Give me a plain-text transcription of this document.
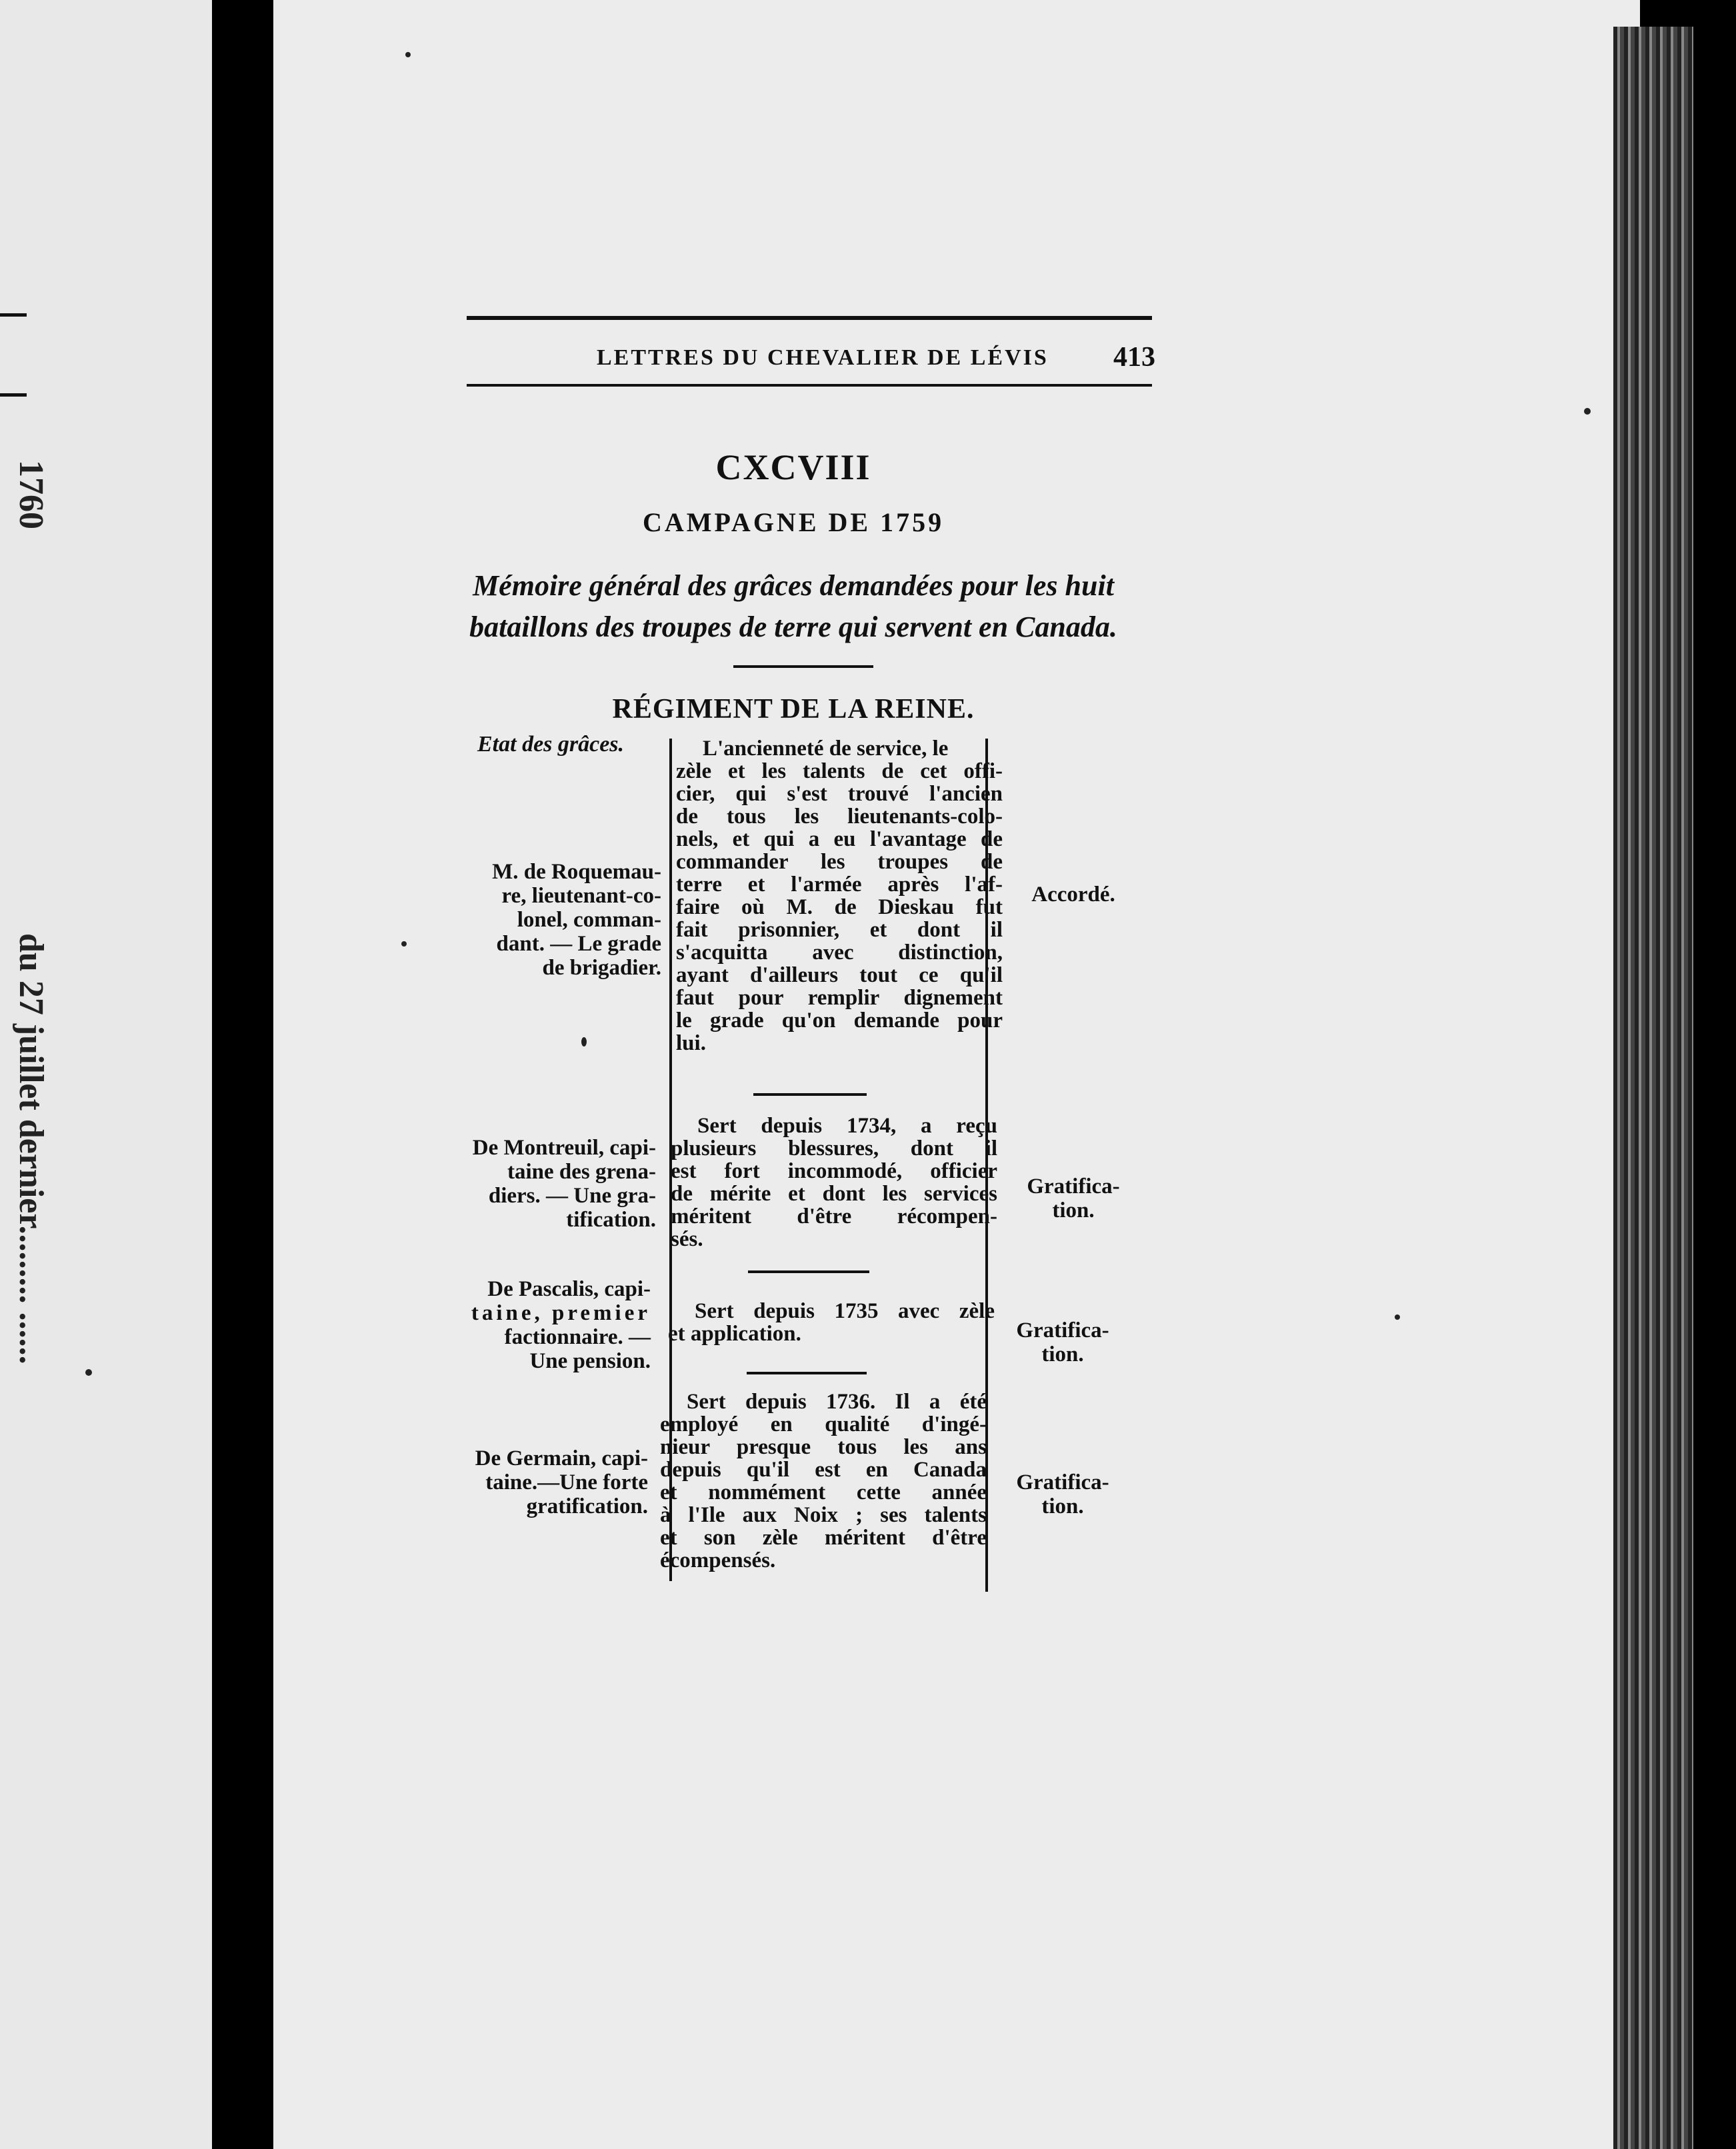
1760
du 27 juillet dernier......... ......
LETTRES DU CHEVALIER DE LÉVIS 413
CXCVIII
CAMPAGNE DE 1759
Mémoire général des grâces demandées pour les huit
bataillons des troupes de terre qui servent en Canada.
RÉGIMENT DE LA REINE.
Etat des grâces.
M. de Roquemau-
re, lieutenant-co-
lonel, comman-
dant. — Le grade
de brigadier.
L'ancienneté de service, le
zèle et les talents de cet offi-
cier, qui s'est trouvé l'ancien
de tous les lieutenants-colo-
nels, et qui a eu l'avantage de
commander les troupes de
terre et l'armée après l'af-
faire où M. de Dieskau fut
fait prisonnier, et dont il
s'acquitta avec distinction,
ayant d'ailleurs tout ce qu'il
faut pour remplir dignement
le grade qu'on demande pour
lui.
Accordé.
De Montreuil, capi-
taine des grena-
diers. — Une gra-
tification.
Sert depuis 1734, a reçu
plusieurs blessures, dont il
est fort incommodé, officier
de mérite et dont les services
méritent d'être récompen-
sés.
Gratifica-
tion.
De Pascalis, capi-
taine, premier
factionnaire. —
Une pension.
Sert depuis 1735 avec zèle
et application.	Gratifica-
tion.
De Germain, capi-
taine.—Une forte
gratification.
Sert depuis 1736. Il a été
employé en qualité d'ingé-
nieur presque tous les ans
depuis qu'il est en Canada
et nommément cette année
à l'Ile aux Noix ; ses talents
et son zèle méritent d'être
écompensés.
Gratifica-
tion.
